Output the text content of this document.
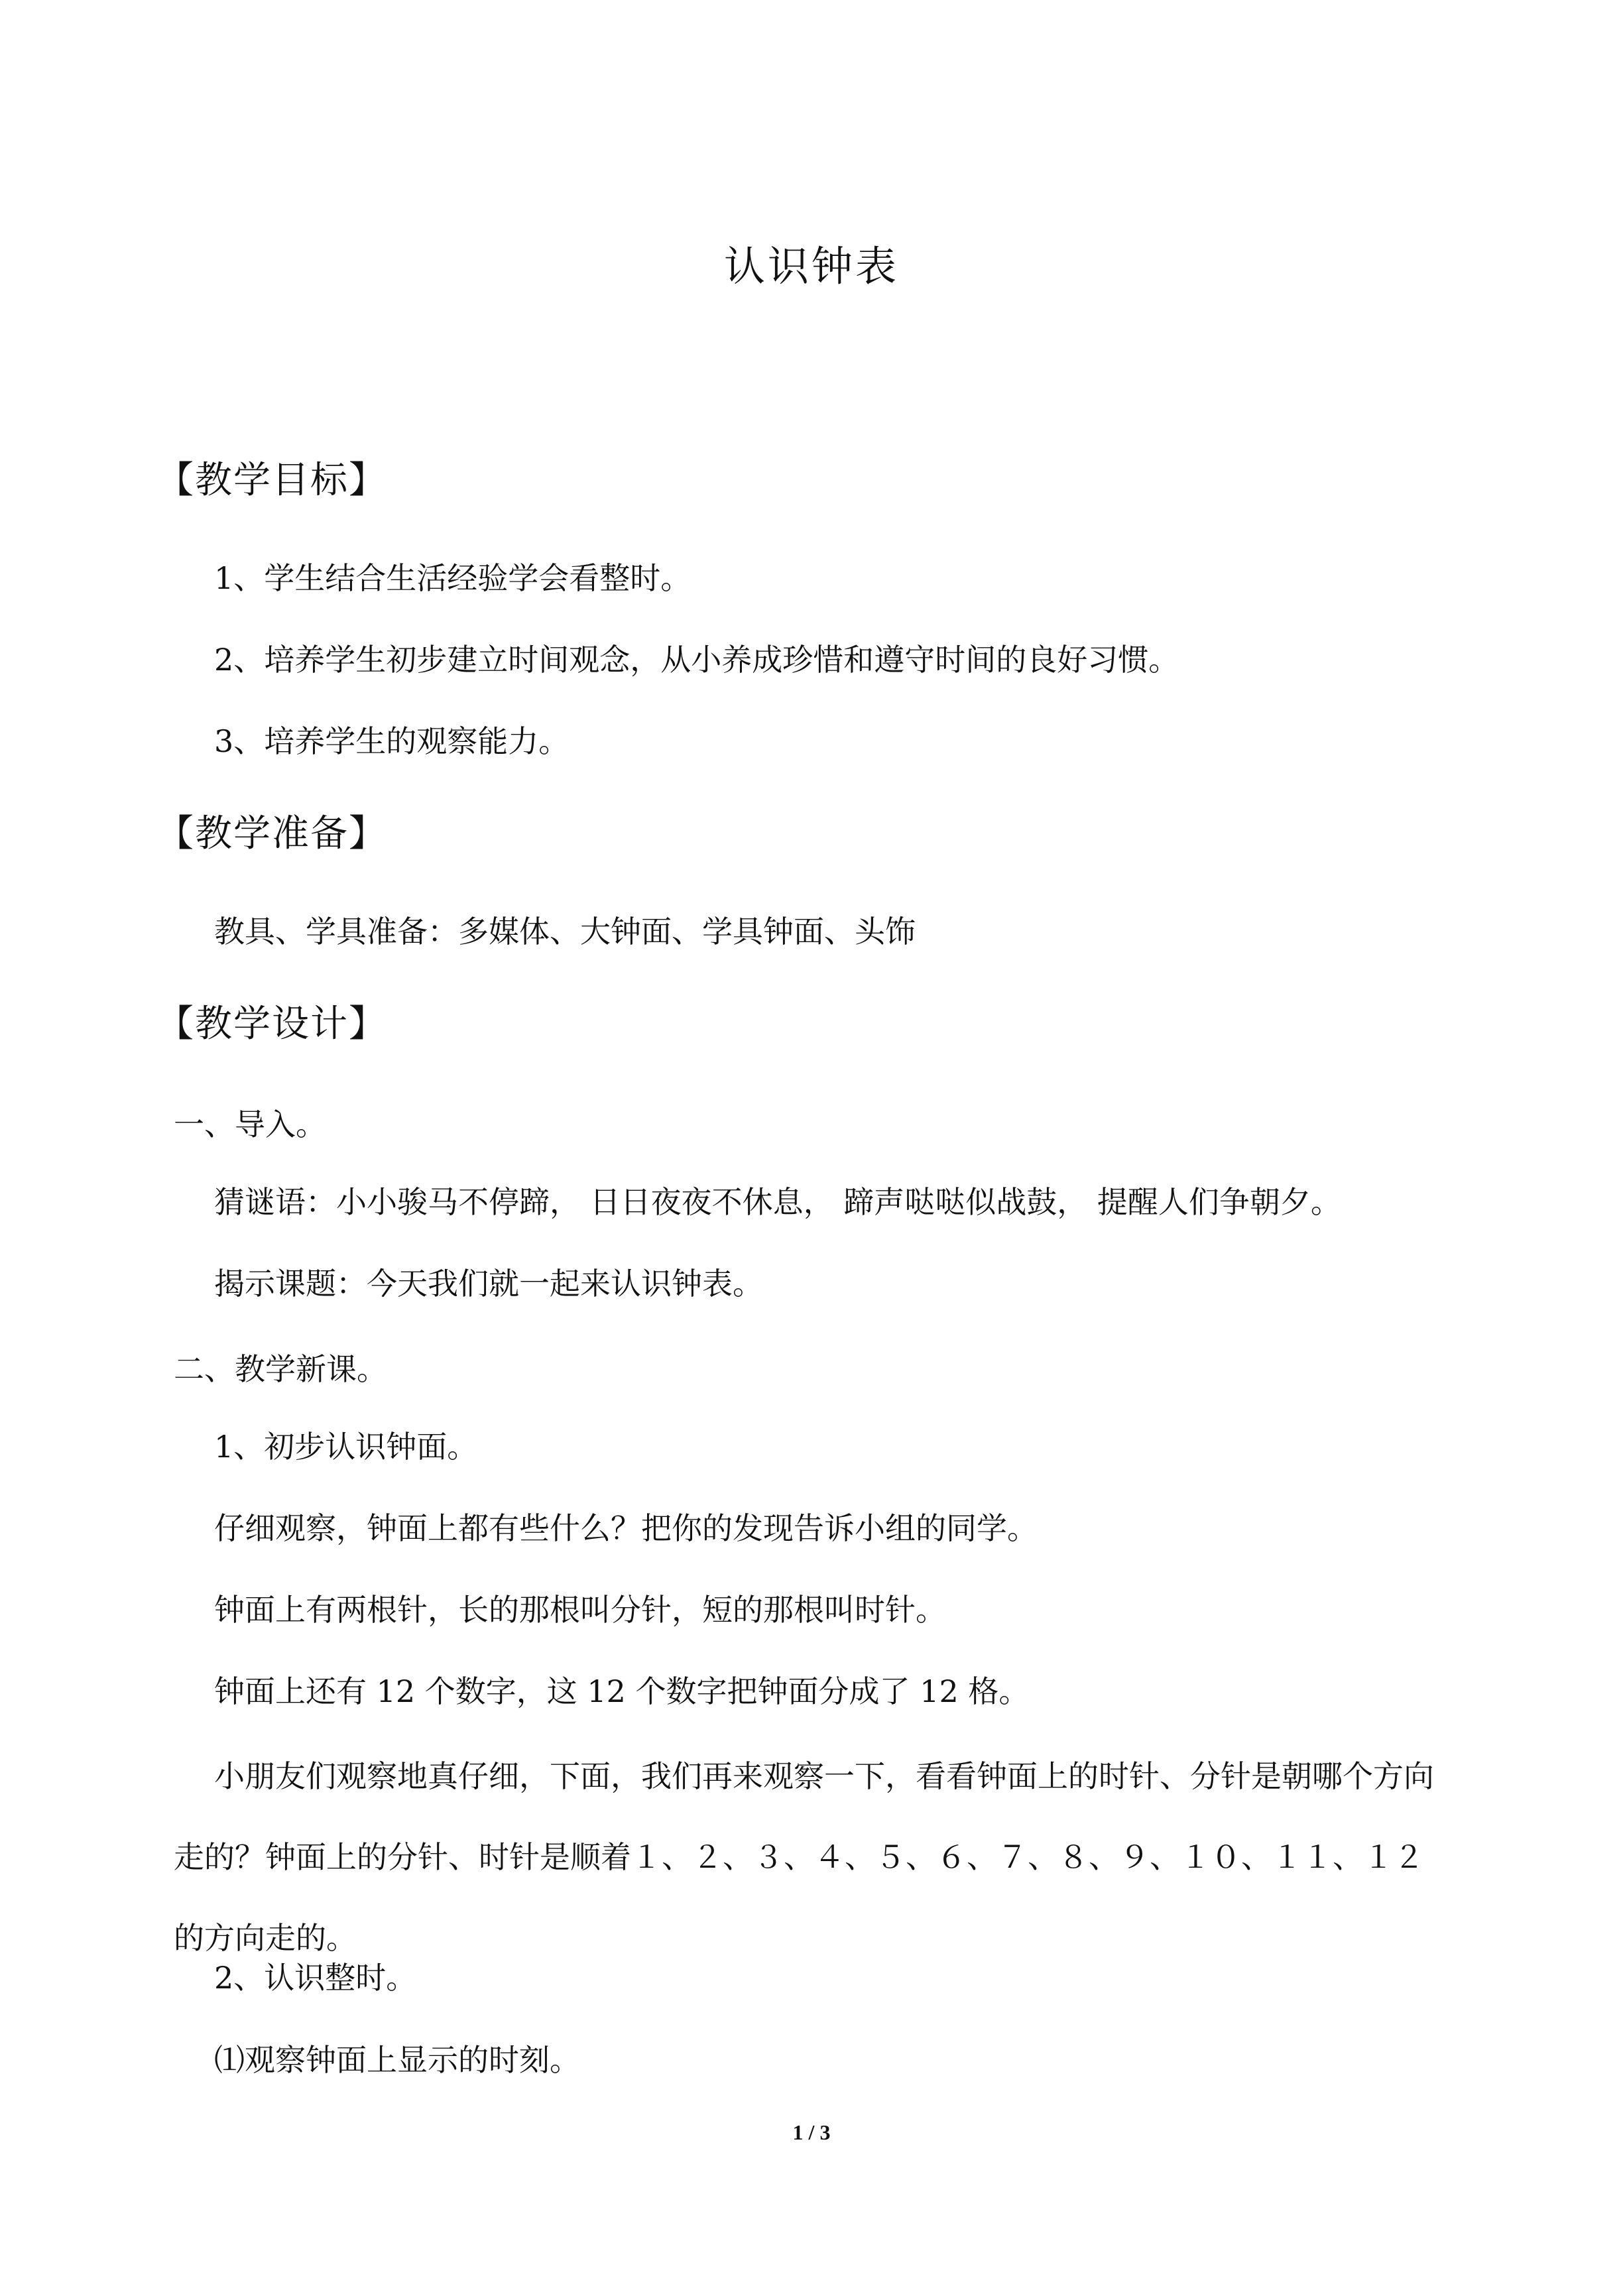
认识钟表
【教学目标】
1、学生结合生活经验学会看整时。
2、培养学生初步建立时间观念，从小养成珍惜和遵守时间的良好习惯。
3、培养学生的观察能力。
【教学准备】
教具、学具准备：多媒体、大钟面、学具钟面、头饰
【教学设计】
一、导入。
猜谜语：小小骏马不停蹄， 日日夜夜不休息， 蹄声哒哒似战鼓， 提醒人们争朝夕。
揭示课题：今天我们就一起来认识钟表。
二、教学新课。
1、初步认识钟面。
仔细观察，钟面上都有些什么？把你的发现告诉小组的同学。
钟面上有两根针，长的那根叫分针，短的那根叫时针。
钟面上还有 12 个数字，这 12 个数字把钟面分成了 12 格。
小朋友们观察地真仔细，下面，我们再来观察一下，看看钟面上的时针、分针是朝哪个方向走的？钟面上的分针、时针是顺着１、２、３、４、５、６、７、８、９、１０、１１、１２的方向走的。
2、认识整时。
⑴观察钟面上显示的时刻。
1 / 3
